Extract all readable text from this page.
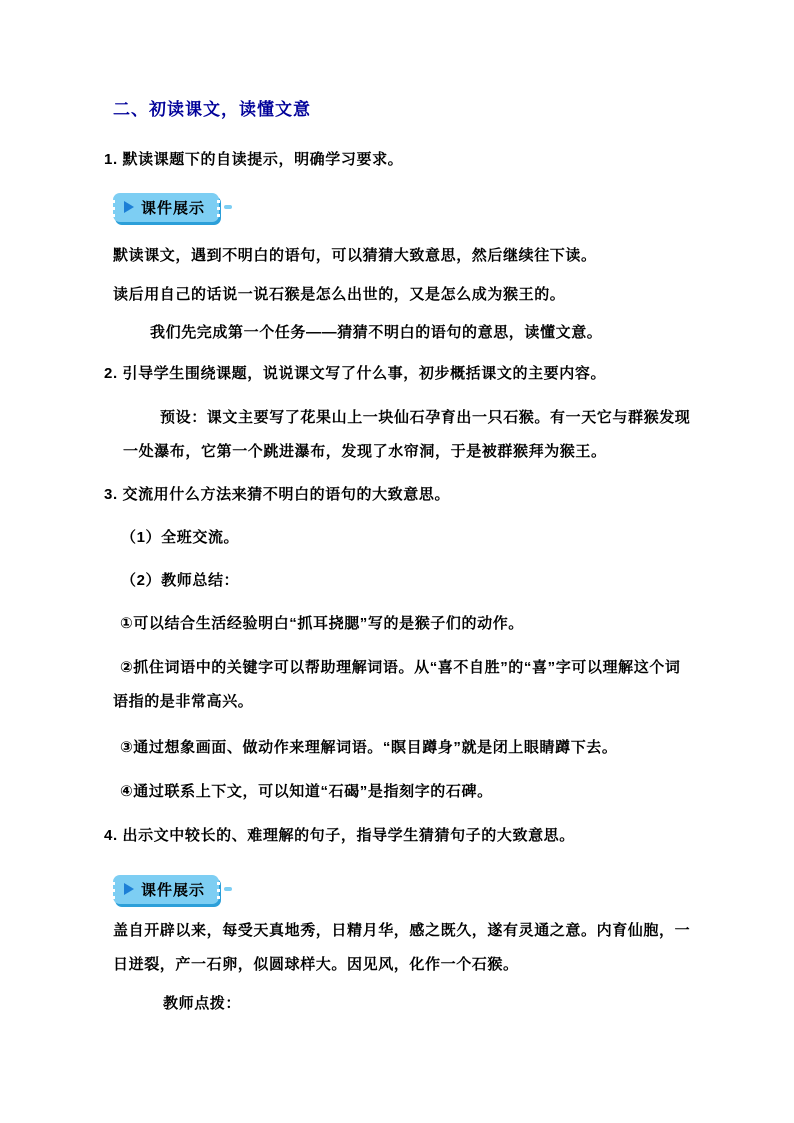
二、初读课文，读懂文意
1. 默读课题下的自读提示，明确学习要求。
课件展示
默读课文，遇到不明白的语句，可以猜猜大致意思，然后继续往下读。
读后用自己的话说一说石猴是怎么出世的，又是怎么成为猴王的。
我们先完成第一个任务——猜猜不明白的语句的意思，读懂文意。
2. 引导学生围绕课题，说说课文写了什么事，初步概括课文的主要内容。
预设：课文主要写了花果山上一块仙石孕育出一只石猴。有一天它与群猴发现一处瀑布，它第一个跳进瀑布，发现了水帘洞，于是被群猴拜为猴王。
3. 交流用什么方法来猜不明白的语句的大致意思。
（1）全班交流。
（2）教师总结：
①可以结合生活经验明白“抓耳挠腮”写的是猴子们的动作。
②抓住词语中的关键字可以帮助理解词语。从“喜不自胜”的“喜”字可以理解这个词语指的是非常高兴。
③通过想象画面、做动作来理解词语。“瞑目蹲身”就是闭上眼睛蹲下去。
④通过联系上下文，可以知道“石碣”是指刻字的石碑。
4. 出示文中较长的、难理解的句子，指导学生猜猜句子的大致意思。
课件展示
盖自开辟以来，每受天真地秀，日精月华，感之既久，遂有灵通之意。内育仙胞，一日迸裂，产一石卵，似圆球样大。因见风，化作一个石猴。
教师点拨：
